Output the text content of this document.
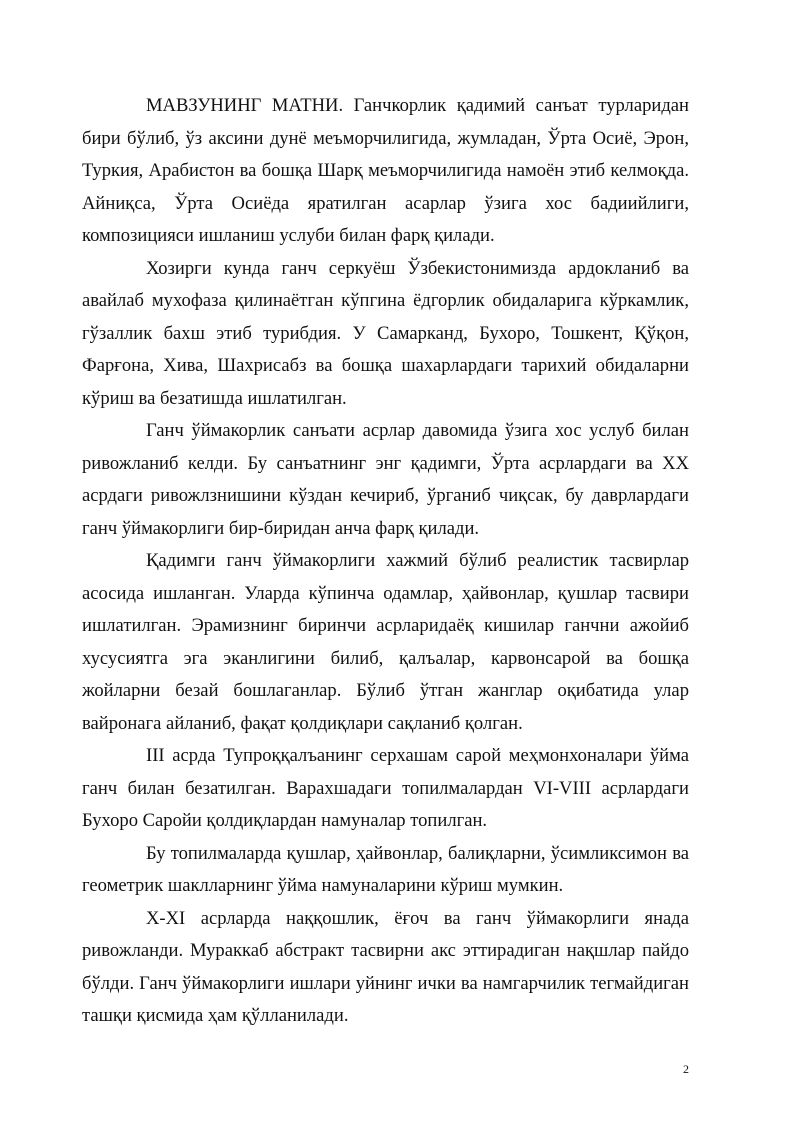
МАВЗУНИНГ МАТНИ. Ганчкорлик қадимий санъат турларидан бири бўлиб, ўз аксини дунё меъморчилигида, жумладан, Ўрта Осиё, Эрон, Туркия, Арабистон ва бошқа Шарқ меъморчилигида намоён этиб келмоқда. Айниқса, Ўрта Осиёда яратилган асарлар ўзига хос бадиийлиги, композицияси ишланиш услуби билан фарқ қилади.

Хозирги кунда ганч серкуёш Ўзбекистонимизда ардокланиб ва авайлаб мухофаза қилинаётган кўпгина ёдгорлик обидаларига кўркамлик, гўзаллик бахш этиб турибдия. У Самарканд, Бухоро, Тошкент, Қўқон, Фарғона, Хива, Шахрисабз ва бошқа шахарлардаги тарихий обидаларни кўриш ва безатишда ишлатилган.

Ганч ўймакорлик санъати асрлар давомида ўзига хос услуб билан ривожланиб келди. Бу санъатнинг энг қадимги, Ўрта асрлардаги ва XX асрдаги ривожлзнишини кўздан кечириб, ўрганиб чиқсак, бу даврлардаги ганч ўймакорлиги бир-биридан анча фарқ қилади.

Қадимги ганч ўймакорлиги хажмий бўлиб реалистик тасвирлар асосида ишланган. Уларда кўпинча одамлар, ҳайвонлар, қушлар тасвири ишлатилган. Эрамизнинг биринчи асрларидаёқ кишилар ганчни ажойиб хусусиятга эга эканлигини билиб, қалъалар, карвонсарой ва бошқа жойларни безай бошлаганлар. Бўлиб ўтган жанглар оқибатида улар вайронага айланиб, фақат қолдиқлари сақланиб қолган.

III асрда Тупроққалъанинг серхашам сарой меҳмонхоналари ўйма ганч билан безатилган. Варахшадаги топилмалардан VI-VIII асрлардаги Бухоро Саройи қолдиқлардан намуналар топилган.

Бу топилмаларда қушлар, ҳайвонлар, балиқларни, ўсимликсимон ва геометрик шаклларнинг ўйма намуналарини кўриш мумкин.

X-XI асрларда наққошлик, ёғоч ва ганч ўймакорлиги янада ривожланди. Мураккаб абстракт тасвирни акс эттирадиган нақшлар пайдо бўлди. Ганч ўймакорлиги ишлари уйнинг ички ва намгарчилик тегмайдиган ташқи қисмида ҳам қўлланилади.

2
